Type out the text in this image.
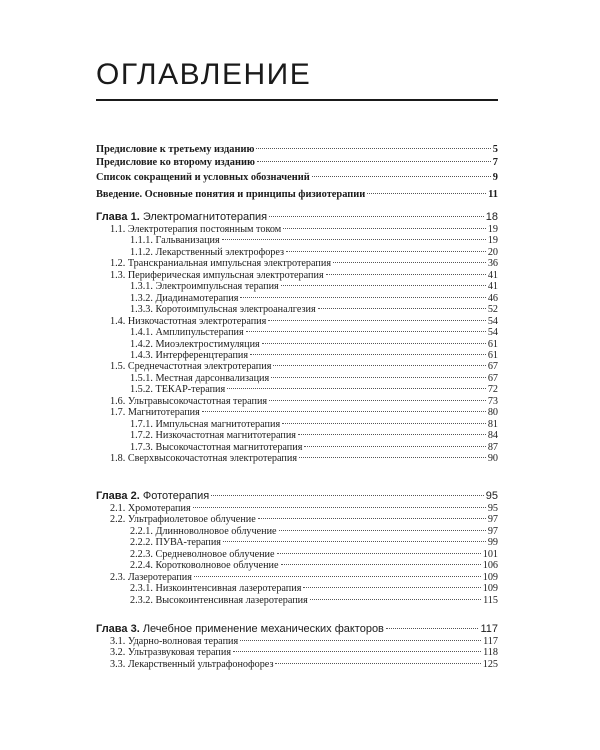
ОГЛАВЛЕНИЕ
Предисловие к третьему изданию	5
Предисловие ко второму изданию	7
Список сокращений и условных обозначений	9
Введение. Основные понятия и принципы физиотерапии	11
Глава 1. Электромагнитотерапия	18
1.1. Электротерапия постоянным током	19
1.1.1. Гальванизация	19
1.1.2. Лекарственный электрофорез	20
1.2. Транскраниальная импульсная электротерапия	36
1.3. Периферическая импульсная электротерапия	41
1.3.1. Электроимпульсная терапия	41
1.3.2. Диадинамотерапия	46
1.3.3. Коротоимпульсная электроаналгезия	52
1.4. Низкочастотная электротерапия	54
1.4.1. Амплипульстерапия	54
1.4.2. Миоэлектростимуляция	61
1.4.3. Интерференцтерапия	61
1.5. Среднечастотная электротерапия	67
1.5.1. Местная дарсонвализация	67
1.5.2. ТЕКАР-терапия	72
1.6. Ультравысокочастотная терапия	73
1.7. Магнитотерапия	80
1.7.1. Импульсная магнитотерапия	81
1.7.2. Низкочастотная магнитотерапия	84
1.7.3. Высокочастотная магнитотерапия	87
1.8. Сверхвысокочастотная электротерапия	90
Глава 2. Фототерапия	95
2.1. Хромотерапия	95
2.2. Ультрафиолетовое облучение	97
2.2.1. Длинноволновое облучение	97
2.2.2. ПУВА-терапия	99
2.2.3. Средневолновое облучение	101
2.2.4. Коротковолновое облучение	106
2.3. Лазеротерапия	109
2.3.1. Низкоинтенсивная лазеротерапия	109
2.3.2. Высокоинтенсивная лазеротерапия	115
Глава 3. Лечебное применение механических факторов	117
3.1. Ударно-волновая терапия	117
3.2. Ультразвуковая терапия	118
3.3. Лекарственный ультрафонофорез	125
